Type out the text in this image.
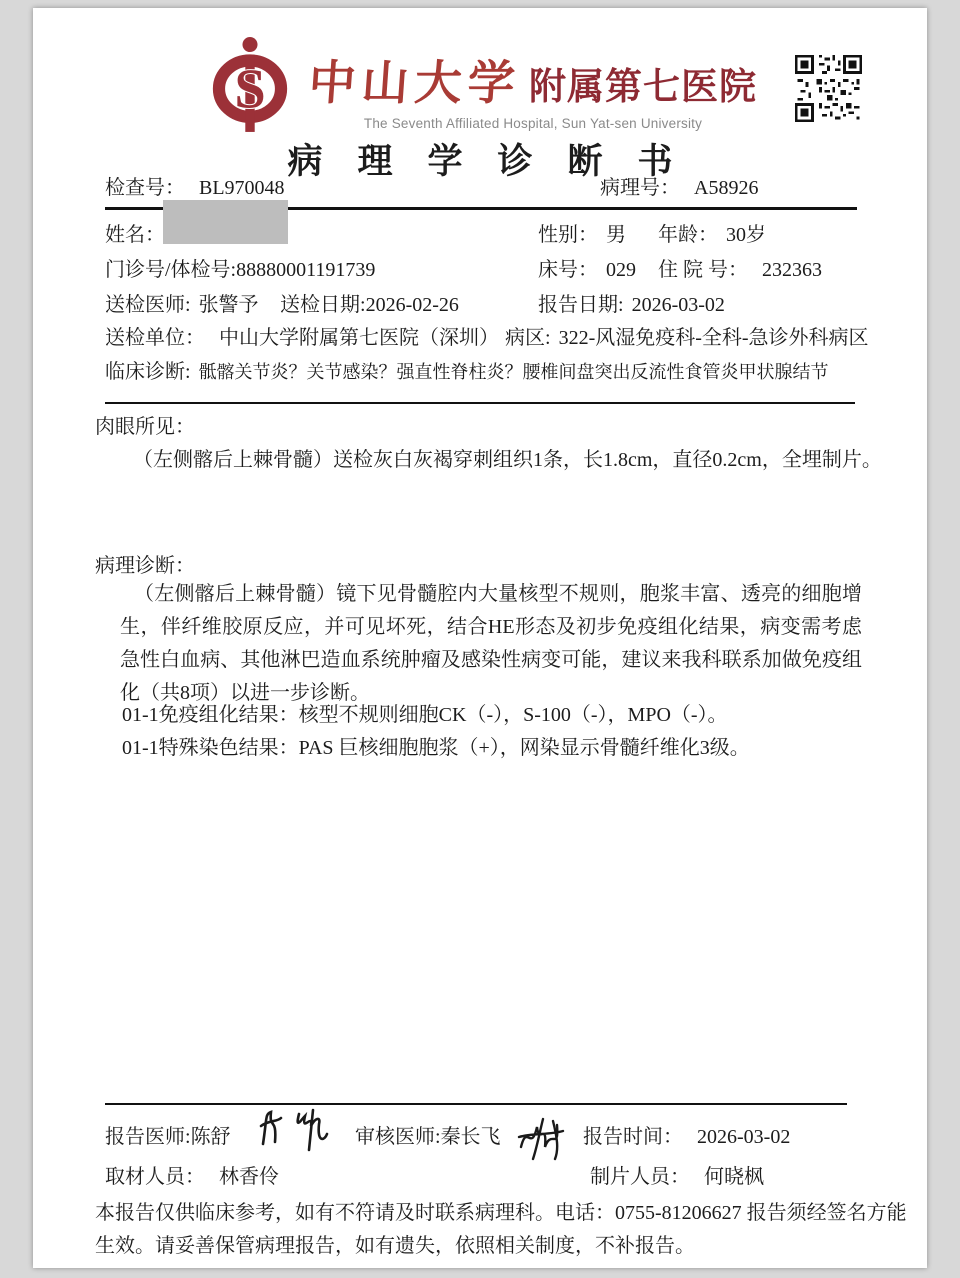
S 中山大学 附属第七医院
The Seventh Affiliated Hospital, Sun Yat-sen University
病理学诊断书
检查号： BL970048	病理号： A58926
姓名：	性别： 男 年龄： 30岁
门诊号/体检号:88880001191739	床号： 029 住 院 号： 232363
送检医师: 张警予 送检日期:2026-02-26	报告日期: 2026-03-02
送检单位： 中山大学附属第七医院（深圳） 病区: 322-风湿免疫科-全科-急诊外科病区
临床诊断: 骶髂关节炎？关节感染？强直性脊柱炎？腰椎间盘突出反流性食管炎甲状腺结节
肉眼所见：
（左侧髂后上棘骨髓）送检灰白灰褐穿刺组织1条，长1.8cm，直径0.2cm，全埋制片。
病理诊断：
（左侧髂后上棘骨髓）镜下见骨髓腔内大量核型不规则，胞浆丰富、透亮的细胞增生，伴纤维胶原反应，并可见坏死，结合HE形态及初步免疫组化结果，病变需考虑急性白血病、其他淋巴造血系统肿瘤及感染性病变可能，建议来我科联系加做免疫组化（共8项）以进一步诊断。
01-1免疫组化结果：核型不规则细胞CK（-），S-100（-），MPO（-）。
01-1特殊染色结果：PAS 巨核细胞胞浆（+），网染显示骨髓纤维化3级。
报告医师:陈舒	审核医师:秦长飞	报告时间： 2026-03-02
取材人员： 林香伶	制片人员： 何晓枫
本报告仅供临床参考，如有不符请及时联系病理科。电话：0755-81206627 报告须经签名方能生效。请妥善保管病理报告，如有遗失，依照相关制度，不补报告。
